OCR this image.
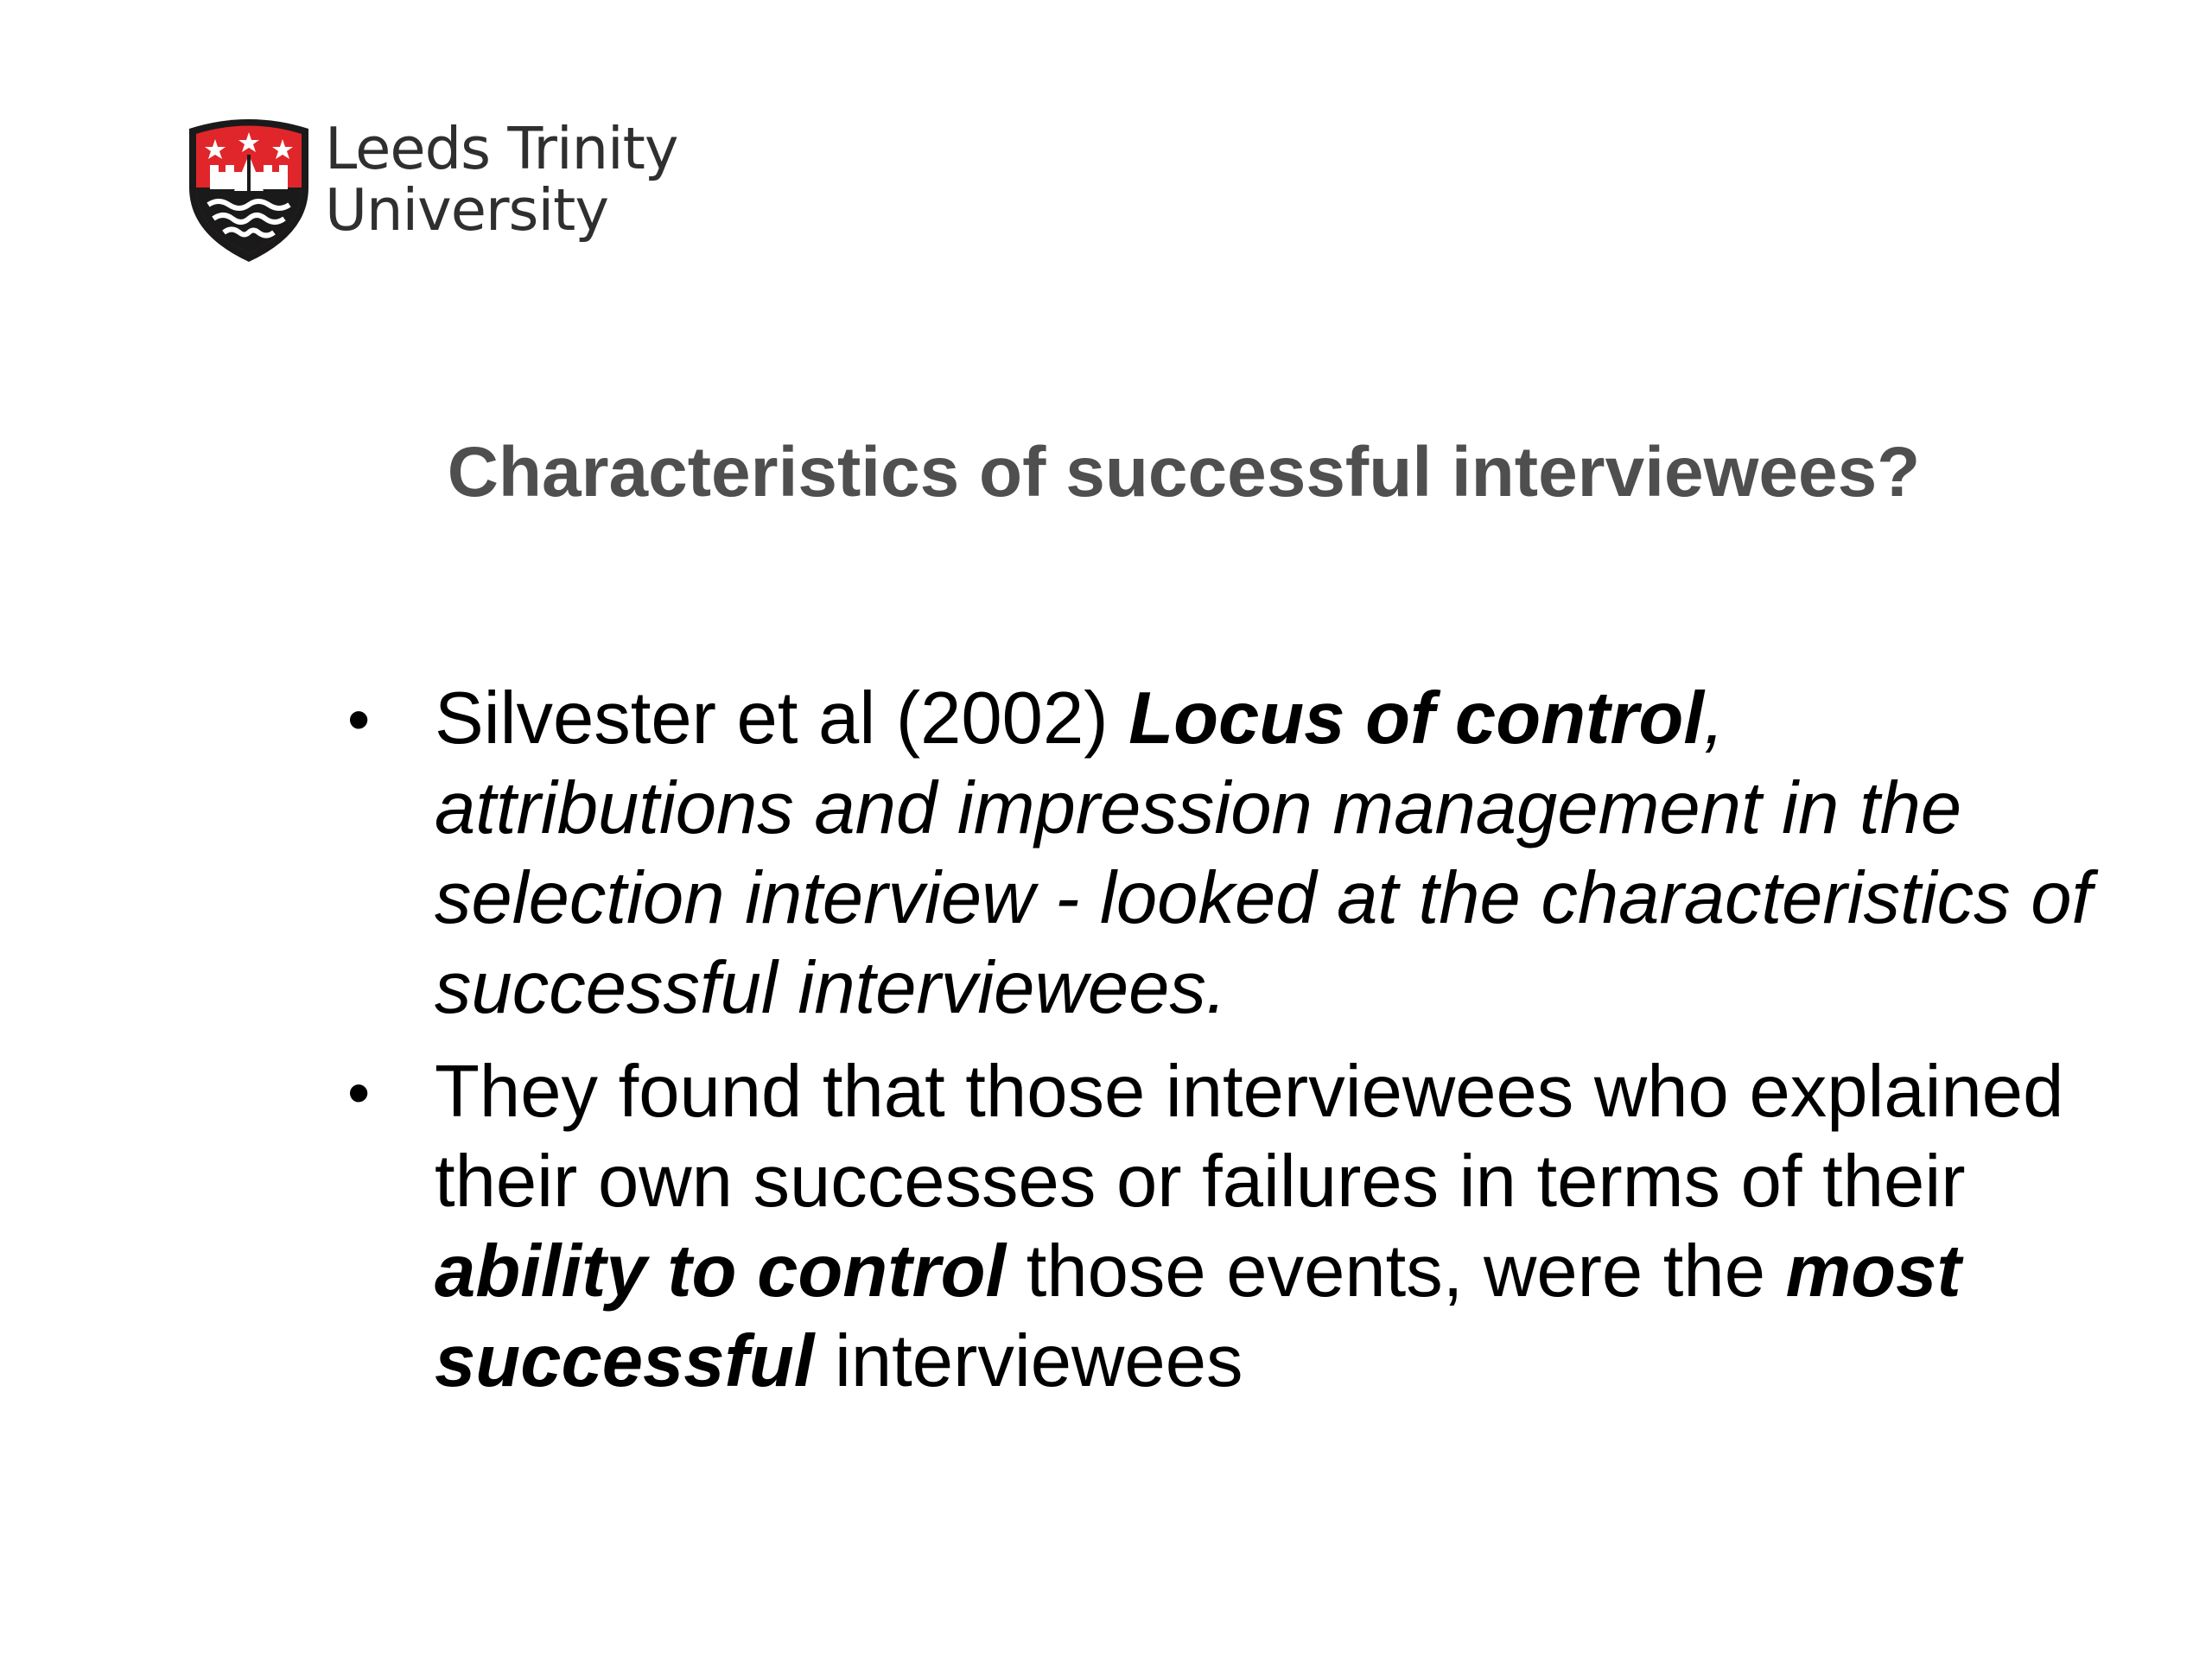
Leeds Trinity
University
Characteristics of successful interviewees?
• Silvester et al (2002) Locus of control, attributions and impression management in the selection interview - looked at the characteristics of successful interviewees.
• They found that those interviewees who explained their own successes or failures in terms of their ability to control those events, were the most successful interviewees
